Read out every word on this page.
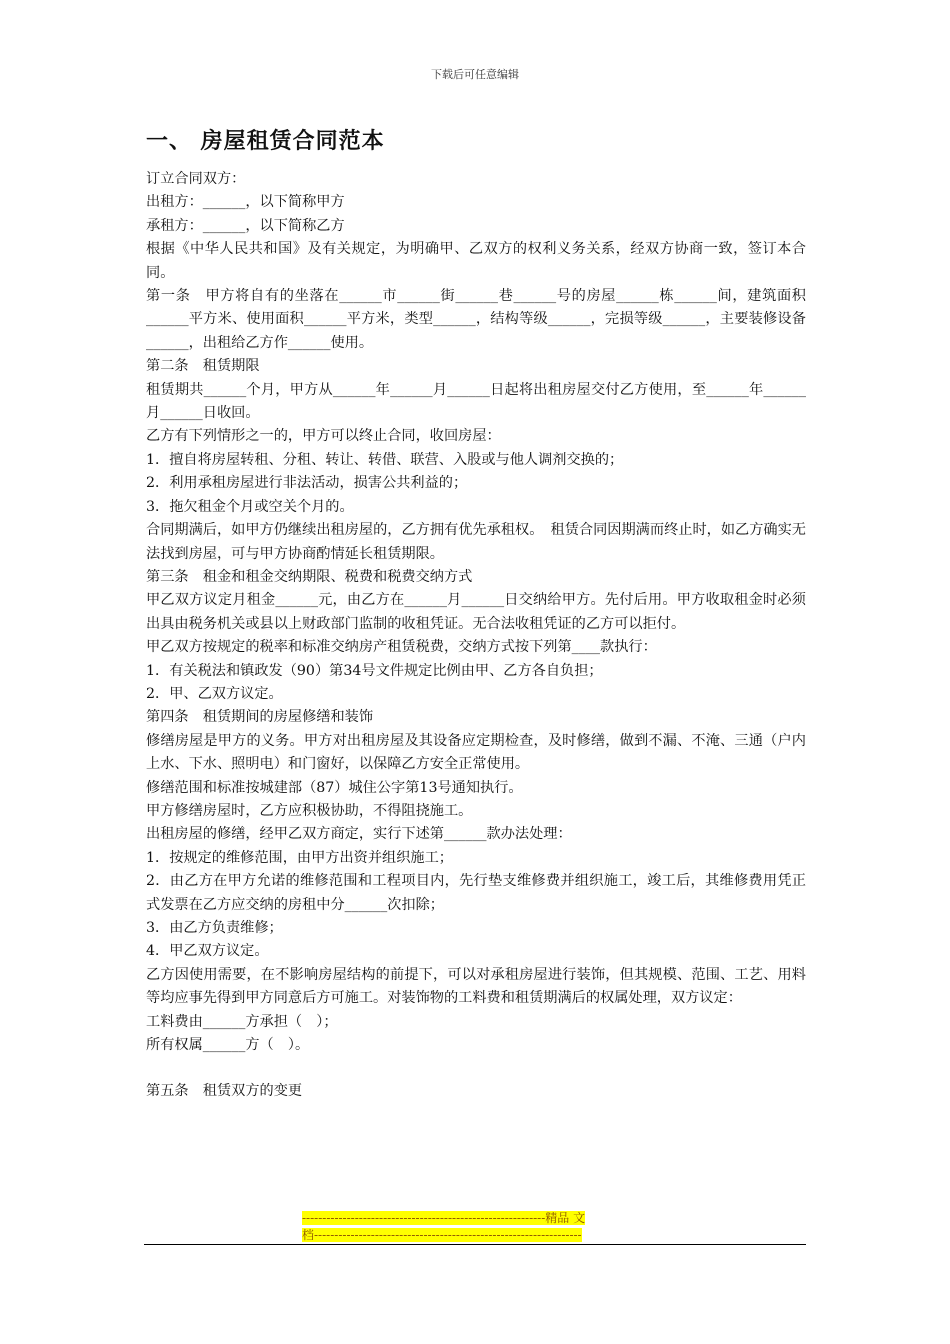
下载后可任意编辑
一、 房屋租赁合同范本

订立合同双方：

出租方：______，以下简称甲方

承租方：______，以下简称乙方

根据《中华人民共和国》及有关规定，为明确甲、乙双方的权利义务关系，经双方协商一致，签订本合同。

第一条　甲方将自有的坐落在______市______街______巷______号的房屋______栋______间，建筑面积______平方米、使用面积______平方米，类型______，结构等级______，完损等级______，主要装修设备______，出租给乙方作______使用。

第二条　租赁期限

租赁期共______个月，甲方从______年______月______日起将出租房屋交付乙方使用，至______年______月______日收回。

乙方有下列情形之一的，甲方可以终止合同，收回房屋：

1．擅自将房屋转租、分租、转让、转借、联营、入股或与他人调剂交换的；

2．利用承租房屋进行非法活动，损害公共利益的；

3．拖欠租金个月或空关个月的。

合同期满后，如甲方仍继续出租房屋的，乙方拥有优先承租权。　租赁合同因期满而终止时，如乙方确实无法找到房屋，可与甲方协商酌情延长租赁期限。

第三条　租金和租金交纳期限、税费和税费交纳方式

甲乙双方议定月租金______元，由乙方在______月______日交纳给甲方。先付后用。甲方收取租金时必须出具由税务机关或县以上财政部门监制的收租凭证。无合法收租凭证的乙方可以拒付。

甲乙双方按规定的税率和标准交纳房产租赁税费，交纳方式按下列第____款执行：

1．有关税法和镇政发（90）第34号文件规定比例由甲、乙方各自负担；

2．甲、乙双方议定。

第四条　租赁期间的房屋修缮和装饰

修缮房屋是甲方的义务。甲方对出租房屋及其设备应定期检查，及时修缮，做到不漏、不淹、三通（户内上水、下水、照明电）和门窗好，以保障乙方安全正常使用。

修缮范围和标准按城建部（87）城住公字第13号通知执行。

甲方修缮房屋时，乙方应积极协助，不得阻挠施工。

出租房屋的修缮，经甲乙双方商定，实行下述第______款办法处理：

1．按规定的维修范围，由甲方出资并组织施工；

2．由乙方在甲方允诺的维修范围和工程项目内，先行垫支维修费并组织施工，竣工后，其维修费用凭正式发票在乙方应交纳的房租中分______次扣除；

3．由乙方负责维修；

4．甲乙双方议定。

乙方因使用需要，在不影响房屋结构的前提下，可以对承租房屋进行装饰，但其规模、范围、工艺、用料等均应事先得到甲方同意后方可施工。对装饰物的工料费和租赁期满后的权属处理，双方议定：

工料费由______方承担（　）；

所有权属______方（　）。

第五条　租赁双方的变更

------------------------------------------------------------精品 文
档------------------------------------------------------------------
